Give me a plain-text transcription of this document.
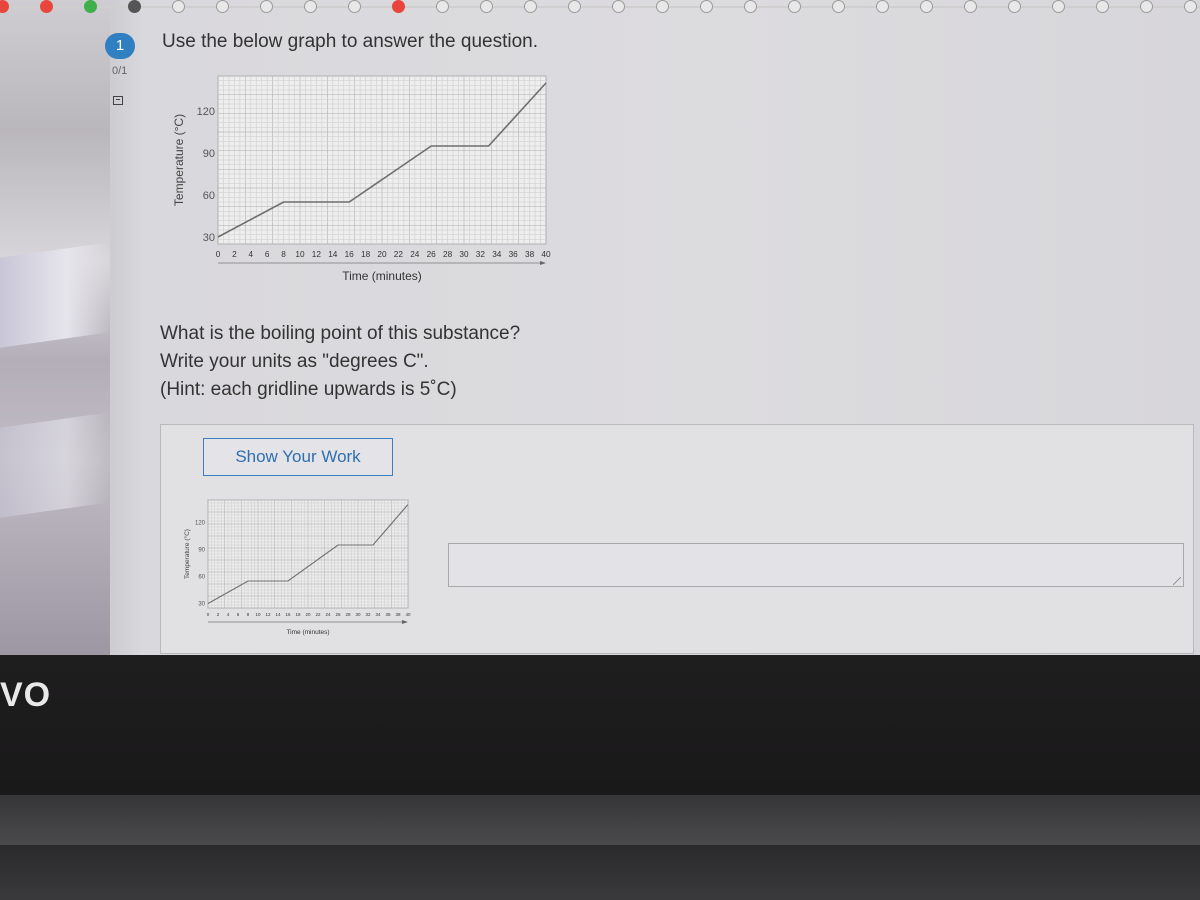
1
0/1
Use the below graph to answer the question.
30
60
90
120
0 2 4 6 8 10 12 14 16 18 20 22 24 26 28 30 32 34 36 38 40
Time (minutes)
Temperature (°C)
What is the boiling point of this substance?
Write your units as "degrees C".
(Hint: each gridline upwards is 5˚C)
Show Your Work
30
60
90
120
0 2 4 6 8 10 12 14 16 18 20 22 24 26 28 30 32 34 36 38 40
Time (minutes)
Temperature (°C)
VO
